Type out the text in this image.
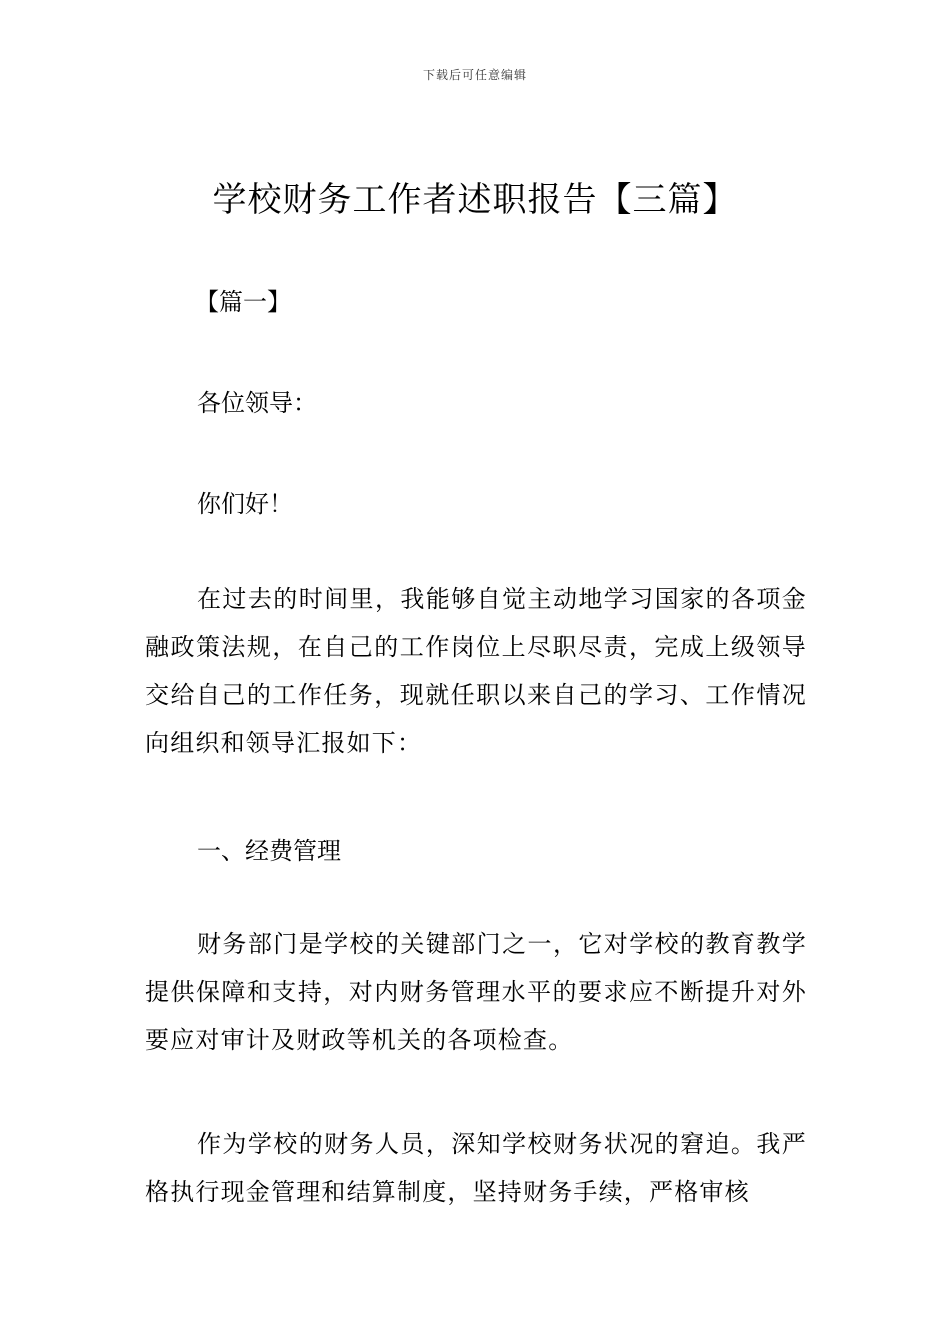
下载后可任意编辑
学校财务工作者述职报告【三篇】
【篇一】
各位领导：
你们好！
在过去的时间里，我能够自觉主动地学习国家的各项金融政策法规，在自己的工作岗位上尽职尽责，完成上级领导交给自己的工作任务，现就任职以来自己的学习、工作情况向组织和领导汇报如下：
一、经费管理
财务部门是学校的关键部门之一，它对学校的教育教学提供保障和支持，对内财务管理水平的要求应不断提升对外要应对审计及财政等机关的各项检查。
作为学校的财务人员，深知学校财务状况的窘迫。我严格执行现金管理和结算制度，坚持财务手续，严格审核
